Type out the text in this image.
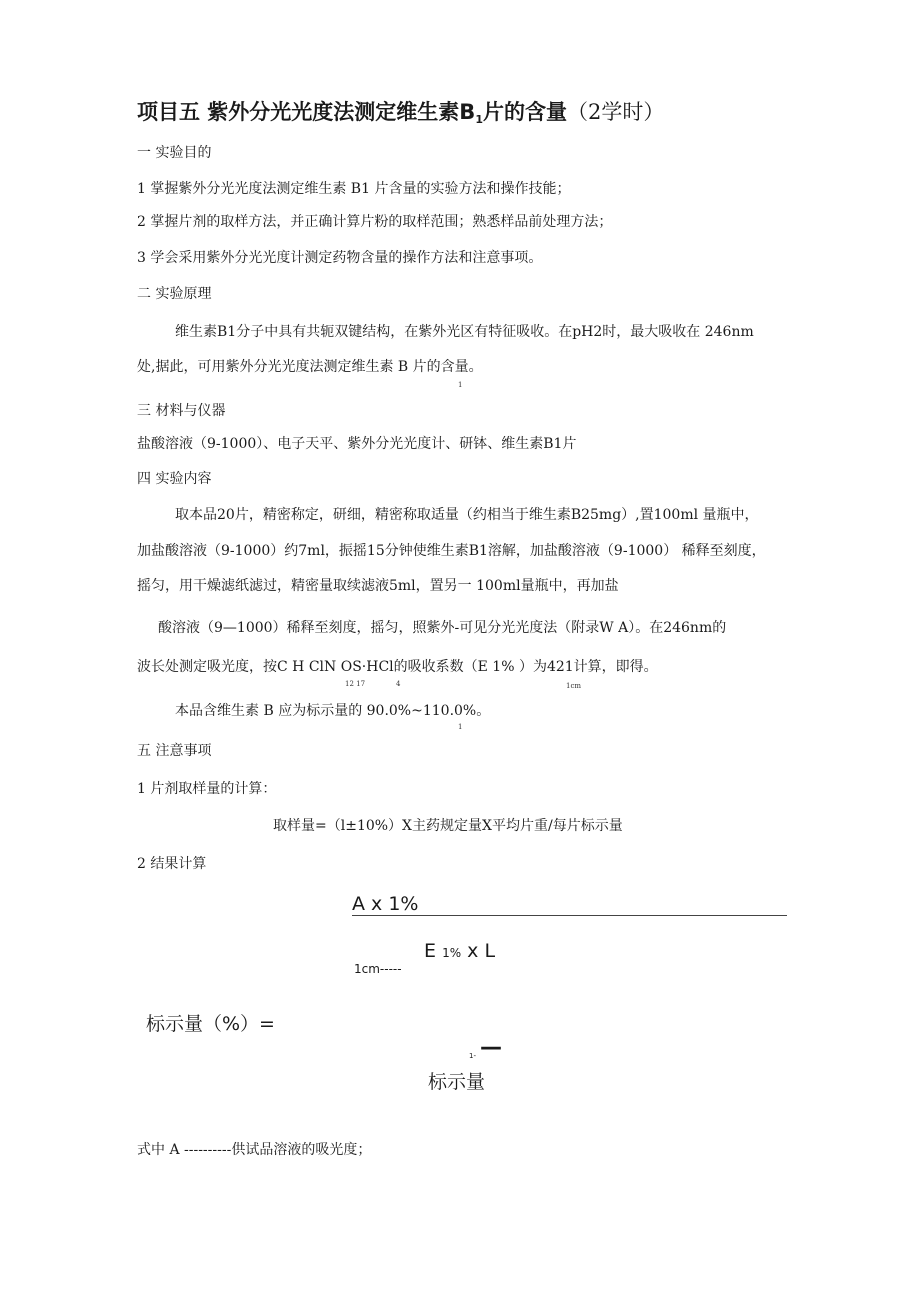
项目五 紫外分光光度法测定维生素B1片的含量（2学时）
一 实验目的
1 掌握紫外分光光度法测定维生素 B1 片含量的实验方法和操作技能；
2 掌握片剂的取样方法，并正确计算片粉的取样范围；熟悉样品前处理方法；
3 学会采用紫外分光光度计测定药物含量的操作方法和注意事项。
二 实验原理
维生素B1分子中具有共轭双键结构，在紫外光区有特征吸收。在pH2时，最大吸收在 246nm
处,据此，可用紫外分光光度法测定维生素 B 片的含量。
1
三 材料与仪器
盐酸溶液（9-1000）、电子天平、紫外分光光度计、研钵、维生素B1片
四 实验内容
取本品20片，精密称定，研细，精密称取适量（约相当于维生素B25mg）,置100ml 量瓶中，
加盐酸溶液（9-1000）约7ml，振摇15分钟使维生素B1溶解，加盐酸溶液（9-1000） 稀释至刻度，
摇匀，用干燥滤纸滤过，精密量取续滤液5ml，置另一 100ml量瓶中，再加盐
酸溶液（9—1000）稀释至刻度，摇匀，照紫外-可见分光光度法（附录W A）。在246nm的
波长处测定吸光度，按C H ClN OS·HCl的吸收系数（E 1% ）为421计算，即得。
12 17	4	1cm
本品含维生素 B 应为标示量的 90.0%~110.0%。
1
五 注意事项
1 片剂取样量的计算：
取样量=（l±10%）X主药规定量X平均片重/每片标示量
2 结果计算
A x 1%
1cm-----
E 1% x L
标示量（%）=
1- —
标示量
式中 A ----------供试品溶液的吸光度；
